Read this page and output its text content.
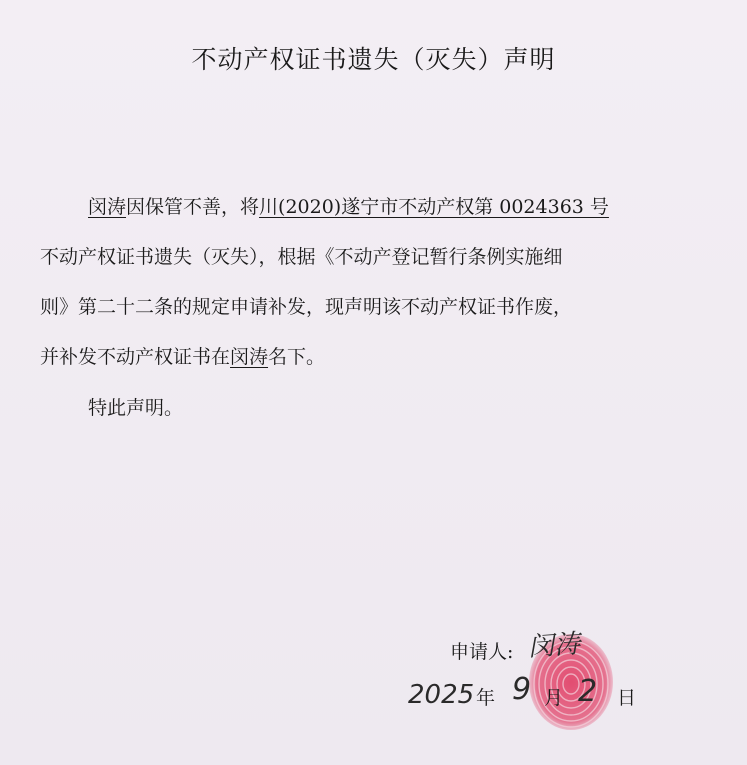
不动产权证书遗失（灭失）声明
闵涛因保管不善，将川(2020)遂宁市不动产权第 0024363 号
不动产权证书遗失（灭失），根据《不动产登记暂行条例实施细
则》第二十二条的规定申请补发，现声明该不动产权证书作废，
并补发不动产权证书在闵涛名下。
特此声明。
申请人: 闵涛
2025 年 9 月 2 日
